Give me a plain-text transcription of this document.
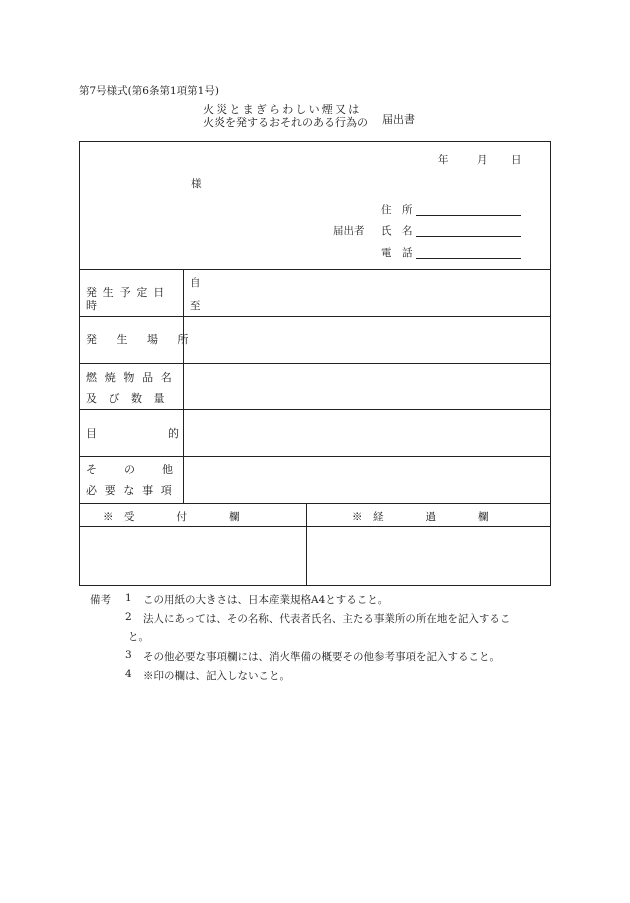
第7号様式(第6条第1項第1号)
火災とまぎらわしい煙又は
火炎を発するおそれのある行為の 届出書
年	月 日
様
住　所
届出者 氏　名
電　話
発生予定日時
自
至
発生場所
燃焼物品名
及び数量
目的
その他
必要な事項
※　受　　　　付　　　　欄	※　経　　　　過　　　　欄
備考 1 この用紙の大きさは、日本産業規格A4とすること。
2 法人にあっては、その名称、代表者氏名、主たる事業所の所在地を記入するこ
と。
3 その他必要な事項欄には、消火準備の概要その他参考事項を記入すること。
4 ※印の欄は、記入しないこと。
